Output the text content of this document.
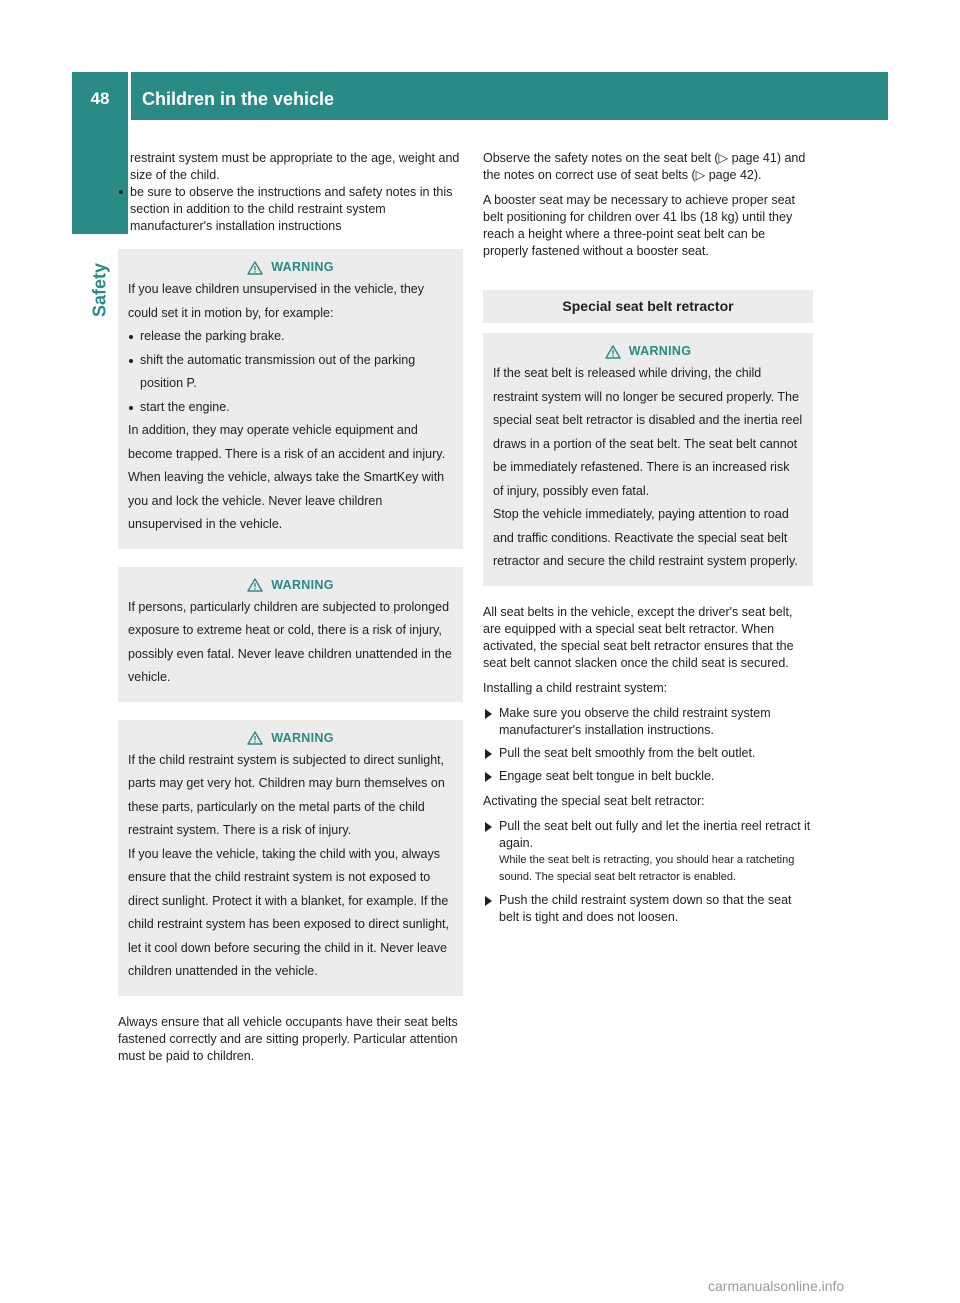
48	Children in the vehicle
Safety

restraint system must be appropriate to the age, weight and size of the child.

be sure to observe the instructions and safety notes in this section in addition to the child restraint system manufacturer's installation instructions
WARNING

If you leave children unsupervised in the vehicle, they could set it in motion by, for example:

release the parking brake.
shift the automatic transmission out of the parking position P.
start the engine.

In addition, they may operate vehicle equipment and become trapped. There is a risk of an accident and injury.

When leaving the vehicle, always take the SmartKey with you and lock the vehicle. Never leave children unsupervised in the vehicle.

WARNING

If persons, particularly children are subjected to prolonged exposure to extreme heat or cold, there is a risk of injury, possibly even fatal. Never leave children unattended in the vehicle.

WARNING

If the child restraint system is subjected to direct sunlight, parts may get very hot. Children may burn themselves on these parts, particularly on the metal parts of the child restraint system. There is a risk of injury.

If you leave the vehicle, taking the child with you, always ensure that the child restraint system is not exposed to direct sunlight. Protect it with a blanket, for example. If the child restraint system has been exposed to direct sunlight, let it cool down before securing the child in it. Never leave children unattended in the vehicle.

Always ensure that all vehicle occupants have their seat belts fastened correctly and are sitting properly. Particular attention must be paid to children.

Observe the safety notes on the seat belt (▷ page 41) and the notes on correct use of seat belts (▷ page 42).

A booster seat may be necessary to achieve proper seat belt positioning for children over 41 lbs (18 kg) until they reach a height where a three-point seat belt can be properly fastened without a booster seat.

Special seat belt retractor
WARNING

If the seat belt is released while driving, the child restraint system will no longer be secured properly. The special seat belt retractor is disabled and the inertia reel draws in a portion of the seat belt. The seat belt cannot be immediately refastened. There is an increased risk of injury, possibly even fatal.

Stop the vehicle immediately, paying attention to road and traffic conditions. Reactivate the special seat belt retractor and secure the child restraint system properly.

All seat belts in the vehicle, except the driver's seat belt, are equipped with a special seat belt retractor. When activated, the special seat belt retractor ensures that the seat belt cannot slacken once the child seat is secured.

Installing a child restraint system:

Make sure you observe the child restraint system manufacturer's installation instructions.
Pull the seat belt smoothly from the belt outlet.
Engage seat belt tongue in belt buckle.

Activating the special seat belt retractor:

Pull the seat belt out fully and let the inertia reel retract it again.

While the seat belt is retracting, you should hear a ratcheting sound. The special seat belt retractor is enabled.

Push the child restraint system down so that the seat belt is tight and does not loosen.
carmanualsonline.info
